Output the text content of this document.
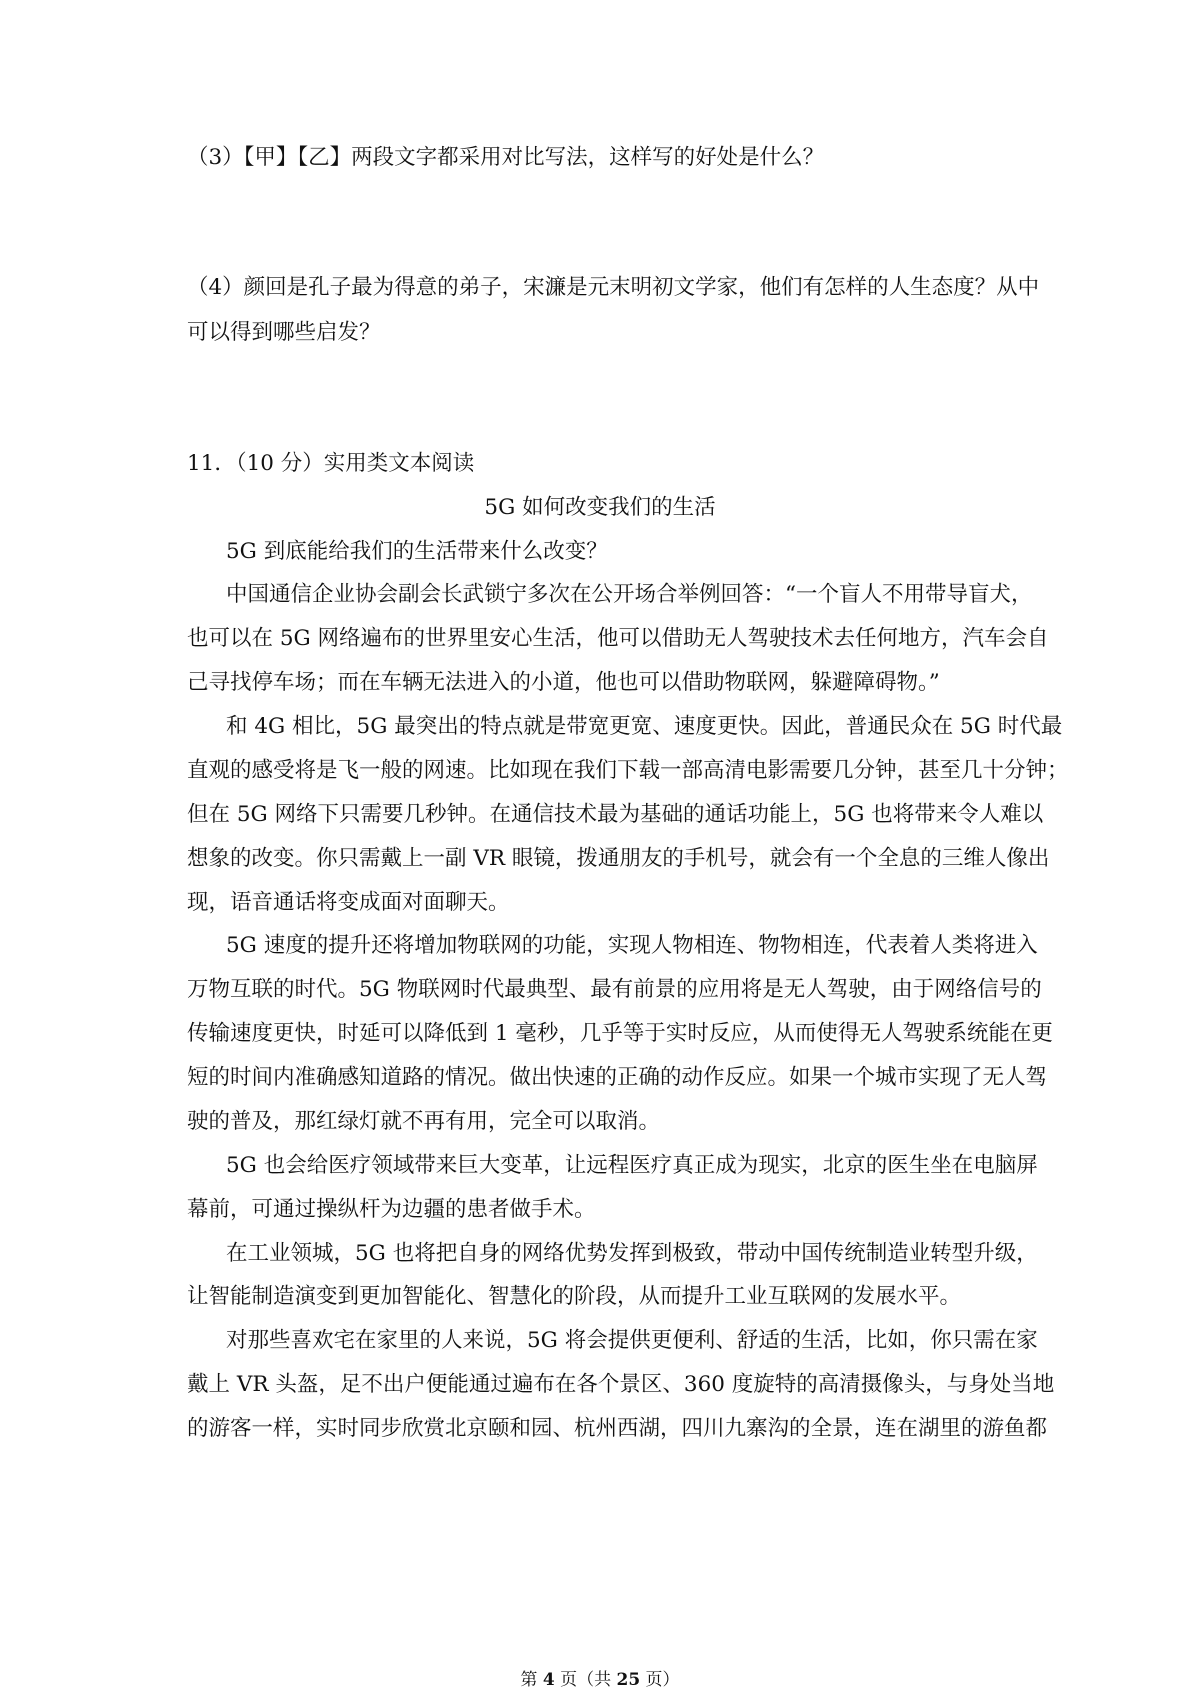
（3）【甲】【乙】两段文字都采用对比写法，这样写的好处是什么？
（4）颜回是孔子最为得意的弟子，宋濂是元末明初文学家，他们有怎样的人生态度？从中
可以得到哪些启发？
11．（10 分）实用类文本阅读
5G 如何改变我们的生活
5G 到底能给我们的生活带来什么改变？
中国通信企业协会副会长武锁宁多次在公开场合举例回答：“一个盲人不用带导盲犬，
也可以在 5G 网络遍布的世界里安心生活，他可以借助无人驾驶技术去任何地方，汽车会自
己寻找停车场；而在车辆无法进入的小道，他也可以借助物联网，躲避障碍物。”
和 4G 相比，5G 最突出的特点就是带宽更宽、速度更快。因此，普通民众在 5G 时代最
直观的感受将是飞一般的网速。比如现在我们下载一部高清电影需要几分钟，甚至几十分钟；
但在 5G 网络下只需要几秒钟。在通信技术最为基础的通话功能上，5G 也将带来令人难以
想象的改变。你只需戴上一副 VR 眼镜，拨通朋友的手机号，就会有一个全息的三维人像出
现，语音通话将变成面对面聊天。
5G 速度的提升还将增加物联网的功能，实现人物相连、物物相连，代表着人类将进入
万物互联的时代。5G 物联网时代最典型、最有前景的应用将是无人驾驶，由于网络信号的
传输速度更快，时延可以降低到 1 毫秒，几乎等于实时反应，从而使得无人驾驶系统能在更
短的时间内准确感知道路的情况。做出快速的正确的动作反应。如果一个城市实现了无人驾
驶的普及，那红绿灯就不再有用，完全可以取消。
5G 也会给医疗领域带来巨大变革，让远程医疗真正成为现实，北京的医生坐在电脑屏
幕前，可通过操纵杆为边疆的患者做手术。
在工业领城，5G 也将把自身的网络优势发挥到极致，带动中国传统制造业转型升级，
让智能制造演变到更加智能化、智慧化的阶段，从而提升工业互联网的发展水平。
对那些喜欢宅在家里的人来说，5G 将会提供更便利、舒适的生活，比如，你只需在家
戴上 VR 头盔，足不出户便能通过遍布在各个景区、360 度旋特的高清摄像头，与身处当地
的游客一样，实时同步欣赏北京颐和园、杭州西湖，四川九寨沟的全景，连在湖里的游鱼都
第 4 页（共 25 页）
